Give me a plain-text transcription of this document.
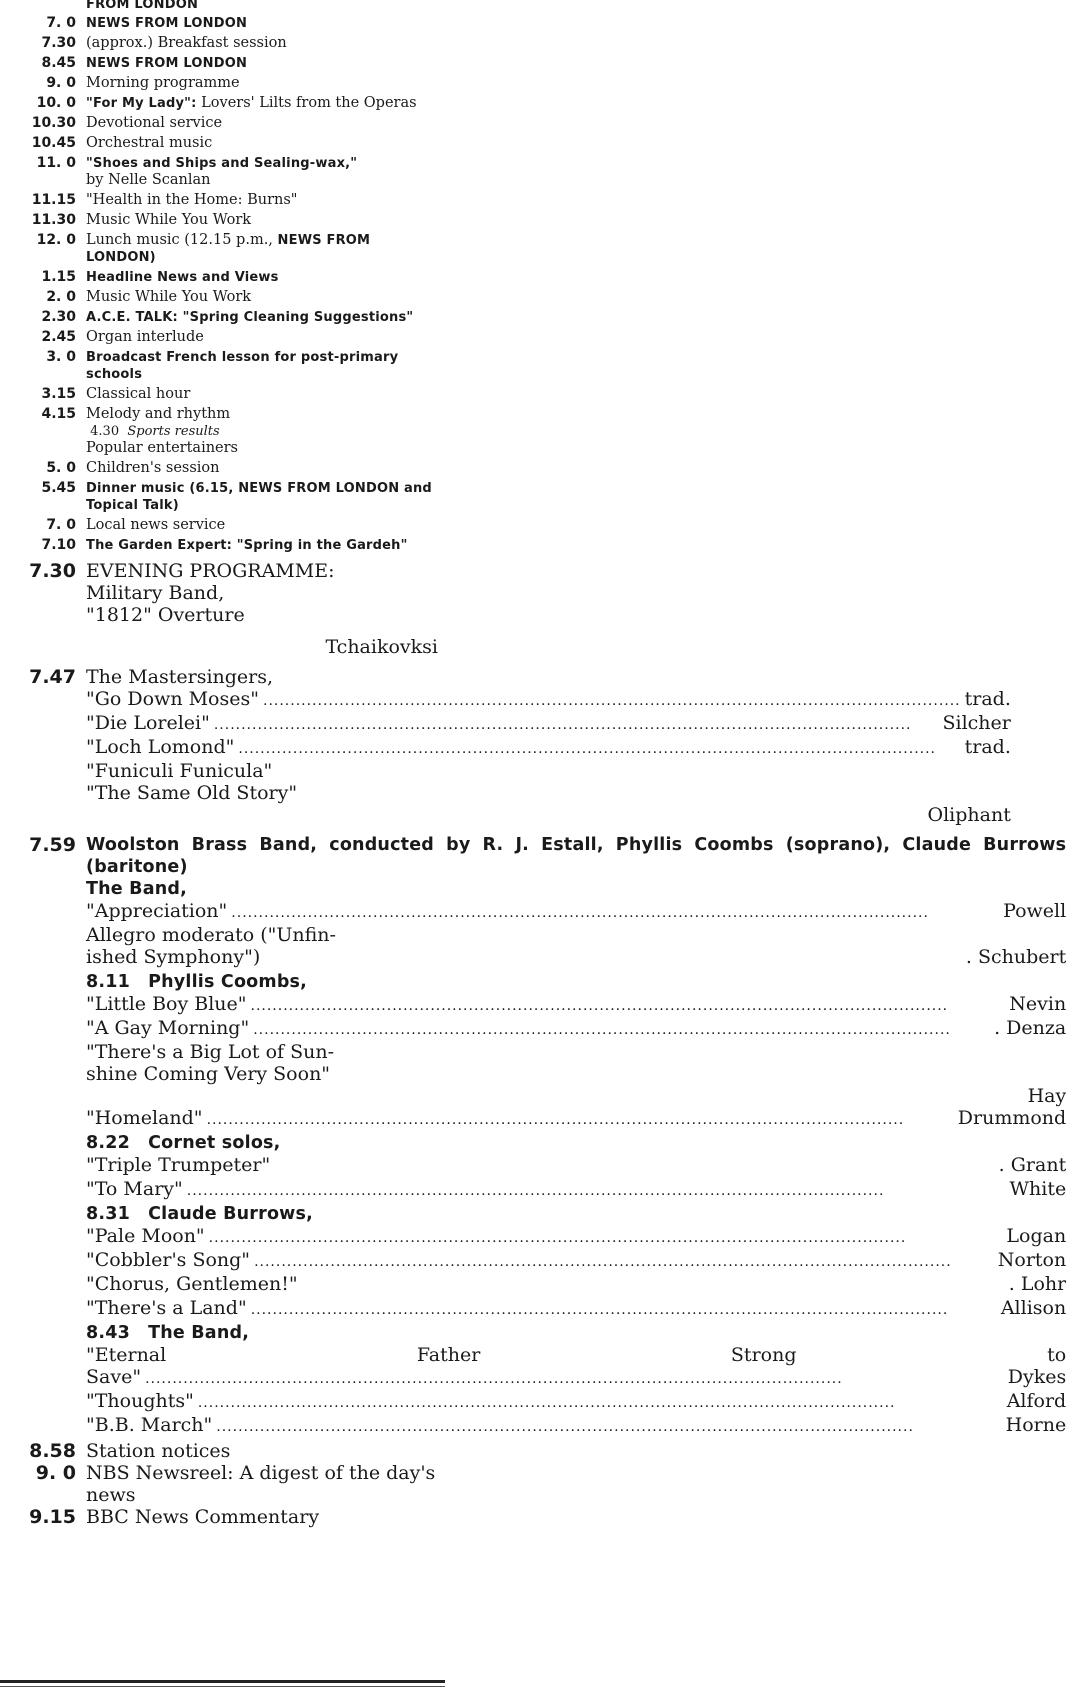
FROM LONDON
7. 0 NEWS FROM LONDON
7.30 (approx.) Breakfast session
8.45 NEWS FROM LONDON
9. 0 Morning programme
10. 0 "For My Lady": Lovers' Lilts from the Operas
10.30 Devotional service
10.45 Orchestral music
11. 0 "Shoes and Ships and Sealing-wax,"
by Nelle Scanlan
11.15 "Health in the Home: Burns"
11.30 Music While You Work
12. 0 Lunch music (12.15 p.m., NEWS FROM LONDON)
1.15 Headline News and Views
2. 0 Music While You Work
2.30 A.C.E. TALK: "Spring Cleaning Suggestions"
2.45 Organ interlude
3. 0 Broadcast French lesson for post-primary schools
3.15 Classical hour
4.15 Melody and rhythm
4.30 Sports results
Popular entertainers
5. 0 Children's session
5.45 Dinner music (6.15, NEWS FROM LONDON and Topical Talk)
7. 0 Local news service
7.10 The Garden Expert: "Spring in the Gardeh"
7.30 EVENING PROGRAMME:
Military Band,
"1812" Overture
Tchaikovksi
7.47 The Mastersingers,
"Go Down Moses" .....	trad.
"Die Lorelei" .....	Silcher
"Loch Lomond" .....	trad.
"Funiculi Funicula"
"The Same Old Story"
Oliphant
7.59 Woolston Brass Band, conducted by R. J. Estall, Phyllis Coombs (soprano), Claude Burrows (baritone)
The Band,
"Appreciation" .....	Powell
Allegro moderato ("Unfin-
ished Symphony")	. Schubert
8.11 Phyllis Coombs,
"Little Boy Blue" .....	Nevin
"A Gay Morning" .....	. Denza
"There's a Big Lot of Sun-
shine Coming Very Soon"
Hay
"Homeland" .....	Drummond
8.22 Cornet solos,
"Triple Trumpeter"	. Grant
"To Mary" .....	White
8.31 Claude Burrows,
"Pale Moon" .....	Logan
"Cobbler's Song" .....	Norton
"Chorus, Gentlemen!"	. Lohr
"There's a Land" .....	Allison
8.43 The Band,
"Eternal Father Strong to
Save" .....	Dykes
"Thoughts" .....	Alford
"B.B. March" .....	Horne
8.58 Station notices
9. 0 NBS Newsreel: A digest of the day's news
9.15 BBC News Commentary
